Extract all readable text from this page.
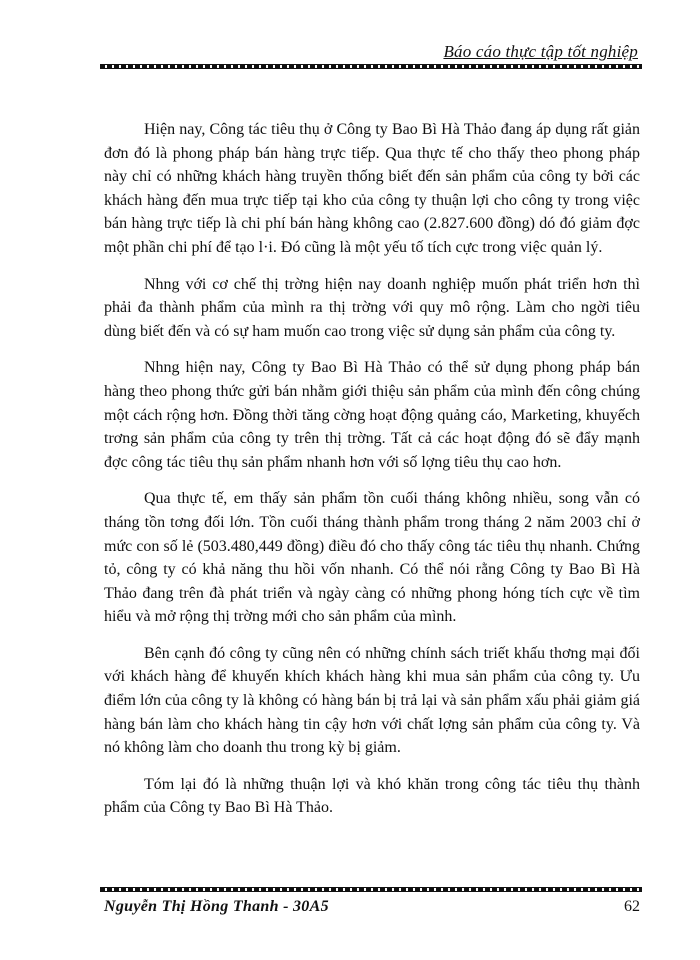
Báo cáo thực tập tốt nghiệp

Hiện nay, Công tác tiêu thụ ở Công ty Bao Bì Hà Thảo đang áp dụng rất giản đơn đó là phong pháp bán hàng trực tiếp. Qua thực tế cho thấy theo phong pháp này chỉ có những khách hàng truyền thống biết đến sản phẩm của công ty bởi các khách hàng đến mua trực tiếp tại kho của công ty thuận lợi cho công ty trong việc bán hàng trực tiếp là chi phí bán hàng không cao (2.827.600 đồng) dó đó giảm đợc một phần chi phí để tạo l·i. Đó cũng là một yếu tố tích cực trong việc quản lý.

Nhng với cơ chế thị trờng hiện nay doanh nghiệp muốn phát triển hơn thì phải đa thành phẩm của mình ra thị trờng với quy mô rộng. Làm cho ngời tiêu dùng biết đến và có sự ham muốn cao trong việc sử dụng sản phẩm của công ty.

Nhng hiện nay, Công ty Bao Bì Hà Thảo có thể sử dụng phong pháp bán hàng theo phong thức gửi bán nhằm giới thiệu sản phẩm của mình đến công chúng một cách rộng hơn. Đồng thời tăng cờng hoạt động quảng cáo, Marketing, khuyếch trơng sản phẩm của công ty trên thị trờng. Tất cả các hoạt động đó sẽ đẩy mạnh đợc công tác tiêu thụ sản phẩm nhanh hơn với số lợng tiêu thụ cao hơn.

Qua thực tế, em thấy sản phẩm tồn cuối tháng không nhiều, song vẫn có tháng tồn tơng đối lớn. Tồn cuối tháng thành phẩm trong tháng 2 năm 2003 chỉ ở mức con số lẻ (503.480,449 đồng) điều đó cho thấy công tác tiêu thụ nhanh. Chứng tỏ, công ty có khả năng thu hồi vốn nhanh. Có thể nói rằng Công ty Bao Bì Hà Thảo đang trên đà phát triển và ngày càng có những phong hóng tích cực về tìm hiểu và mở rộng thị trờng mới cho sản phẩm của mình.

Bên cạnh đó công ty cũng nên có những chính sách triết khấu thơng mại đối với khách hàng để khuyến khích khách hàng khi mua sản phẩm của công ty. Ưu điểm lớn của công ty là không có hàng bán bị trả lại và sản phẩm xấu phải giảm giá hàng bán làm cho khách hàng tin cậy hơn với chất lợng sản phẩm của công ty. Và nó không làm cho doanh thu trong kỳ bị giảm.

Tóm lại đó là những thuận lợi và khó khăn trong công tác tiêu thụ thành phẩm của Công ty Bao Bì Hà Thảo.

Nguyễn Thị Hồng Thanh - 30A5	62
